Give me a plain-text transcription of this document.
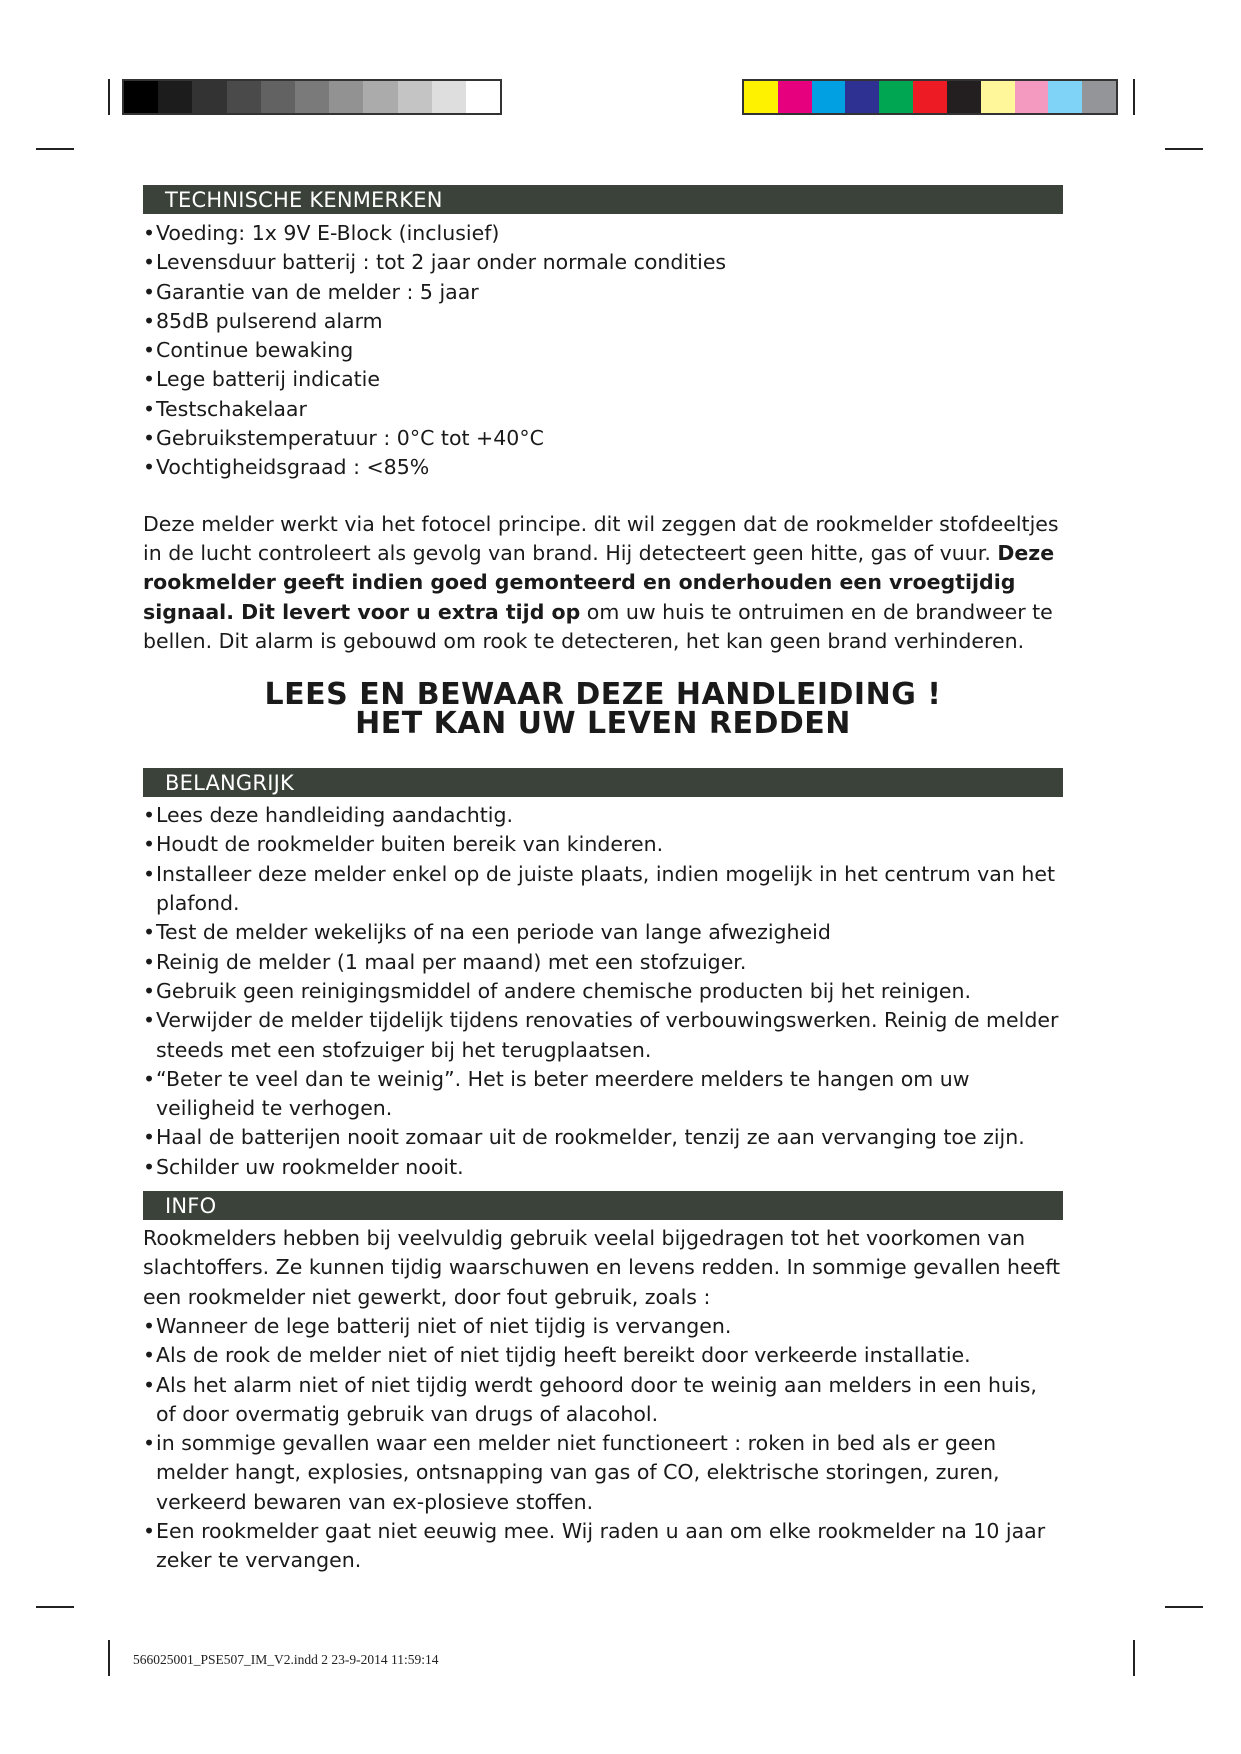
TECHNISCHE KENMERKEN
• Voeding: 1x 9V E-Block (inclusief)
• Levensduur batterij : tot 2 jaar onder normale condities
• Garantie van de melder : 5 jaar
• 85dB pulserend alarm
• Continue bewaking
• Lege batterij indicatie
• Testschakelaar
• Gebruikstemperatuur : 0°C tot +40°C
• Vochtigheidsgraad : <85%

Deze melder werkt via het fotocel principe. dit wil zeggen dat de rookmelder stofdeeltjes in de lucht controleert als gevolg van brand. Hij detecteert geen hitte, gas of vuur. Deze rookmelder geeft indien goed gemonteerd en onderhouden een vroegtijdig signaal. Dit levert voor u extra tijd op om uw huis te ontruimen en de brandweer te bellen. Dit alarm is gebouwd om rook te detecteren, het kan geen brand verhinderen.

LEES EN BEWAAR DEZE HANDLEIDING !

HET KAN UW LEVEN REDDEN

BELANGRIJK
• Lees deze handleiding aandachtig.
• Houdt de rookmelder buiten bereik van kinderen.
• Installeer deze melder enkel op de juiste plaats, indien mogelijk in het centrum van het plafond.
• Test de melder wekelijks of na een periode van lange afwezigheid
• Reinig de melder (1 maal per maand) met een stofzuiger.
• Gebruik geen reinigingsmiddel of andere chemische producten bij het reinigen.
• Verwijder de melder tijdelijk tijdens renovaties of verbouwingswerken. Reinig de melder steeds met een stofzuiger bij het terugplaatsen.
• “Beter te veel dan te weinig”. Het is beter meerdere melders te hangen om uw veiligheid te verhogen.
• Haal de batterijen nooit zomaar uit de rookmelder, tenzij ze aan vervanging toe zijn.
• Schilder uw rookmelder nooit.
INFO

Rookmelders hebben bij veelvuldig gebruik veelal bijgedragen tot het voorkomen van slachtoffers. Ze kunnen tijdig waarschuwen en levens redden. In sommige gevallen heeft een rookmelder niet gewerkt, door fout gebruik, zoals :

• Wanneer de lege batterij niet of niet tijdig is vervangen.
• Als de rook de melder niet of niet tijdig heeft bereikt door verkeerde installatie.
• Als het alarm niet of niet tijdig werdt gehoord door te weinig aan melders in een huis, of door overmatig gebruik van drugs of alacohol.
• in sommige gevallen waar een melder niet functioneert : roken in bed als er geen melder hangt, explosies, ontsnapping van gas of CO, elektrische storingen, zuren, verkeerd bewaren van ex-plosieve stoffen.
• Een rookmelder gaat niet eeuwig mee. Wij raden u aan om elke rookmelder na 10 jaar zeker te vervangen.
566025001_PSE507_IM_V2.indd 2 23-9-2014 11:59:14
